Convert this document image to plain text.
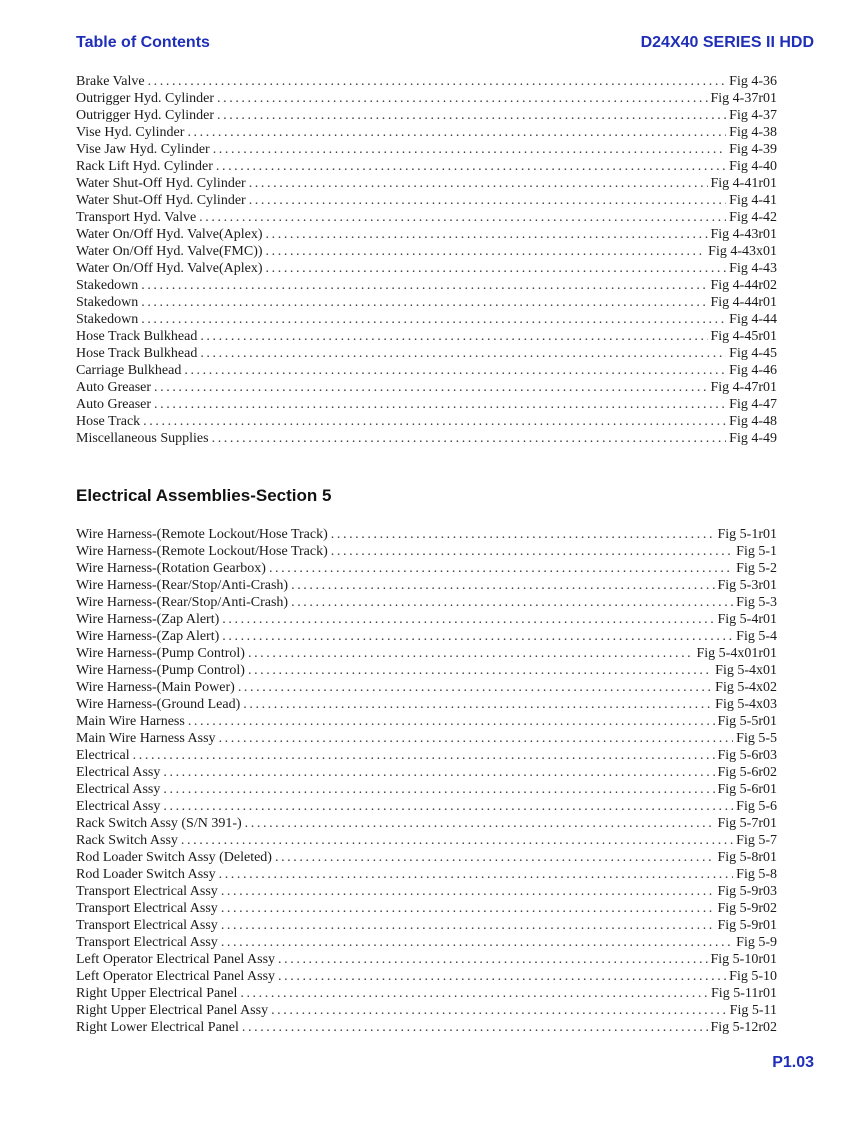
Table of Contents	D24X40 SERIES II HDD
Brake Valve .....	Fig 4-36
Outrigger Hyd. Cylinder .....	Fig 4-37r01
Outrigger Hyd. Cylinder .....	Fig 4-37
Vise Hyd. Cylinder .....	Fig 4-38
Vise Jaw Hyd. Cylinder .....	Fig 4-39
Rack Lift Hyd. Cylinder .....	Fig 4-40
Water Shut-Off Hyd. Cylinder .....	Fig 4-41r01
Water Shut-Off Hyd. Cylinder .....	Fig 4-41
Transport Hyd. Valve .....	Fig 4-42
Water On/Off Hyd. Valve(Aplex) .....	Fig 4-43r01
Water On/Off Hyd. Valve(FMC)) .....	Fig 4-43x01
Water On/Off Hyd. Valve(Aplex) .....	Fig 4-43
Stakedown .....	Fig 4-44r02
Stakedown .....	Fig 4-44r01
Stakedown .....	Fig 4-44
Hose Track Bulkhead .....	Fig 4-45r01
Hose Track Bulkhead .....	Fig 4-45
Carriage Bulkhead .....	Fig 4-46
Auto Greaser .....	Fig 4-47r01
Auto Greaser .....	Fig 4-47
Hose Track .....	Fig 4-48
Miscellaneous Supplies .....	Fig 4-49
Electrical Assemblies-Section 5
Wire Harness-(Remote Lockout/Hose Track) .....	Fig 5-1r01
Wire Harness-(Remote Lockout/Hose Track) .....	Fig 5-1
Wire Harness-(Rotation Gearbox) .....	Fig 5-2
Wire Harness-(Rear/Stop/Anti-Crash) .....	Fig 5-3r01
Wire Harness-(Rear/Stop/Anti-Crash) .....	Fig 5-3
Wire Harness-(Zap Alert) .....	Fig 5-4r01
Wire Harness-(Zap Alert) .....	Fig 5-4
Wire Harness-(Pump Control) .....	Fig 5-4x01r01
Wire Harness-(Pump Control) .....	Fig 5-4x01
Wire Harness-(Main Power) .....	Fig 5-4x02
Wire Harness-(Ground Lead) .....	Fig 5-4x03
Main Wire Harness .....	Fig 5-5r01
Main Wire Harness Assy .....	Fig 5-5
Electrical .....	Fig 5-6r03
Electrical Assy .....	Fig 5-6r02
Electrical Assy .....	Fig 5-6r01
Electrical Assy .....	Fig 5-6
Rack Switch Assy (S/N 391-) .....	Fig 5-7r01
Rack Switch Assy .....	Fig 5-7
Rod Loader Switch Assy (Deleted) .....	Fig 5-8r01
Rod Loader Switch Assy .....	Fig 5-8
Transport Electrical Assy .....	Fig 5-9r03
Transport Electrical Assy .....	Fig 5-9r02
Transport Electrical Assy .....	Fig 5-9r01
Transport Electrical Assy .....	Fig 5-9
Left Operator Electrical Panel Assy .....	Fig 5-10r01
Left Operator Electrical Panel Assy .....	Fig 5-10
Right Upper Electrical Panel .....	Fig 5-11r01
Right Upper Electrical Panel Assy .....	Fig 5-11
Right Lower Electrical Panel .....	Fig 5-12r02
P1.03
